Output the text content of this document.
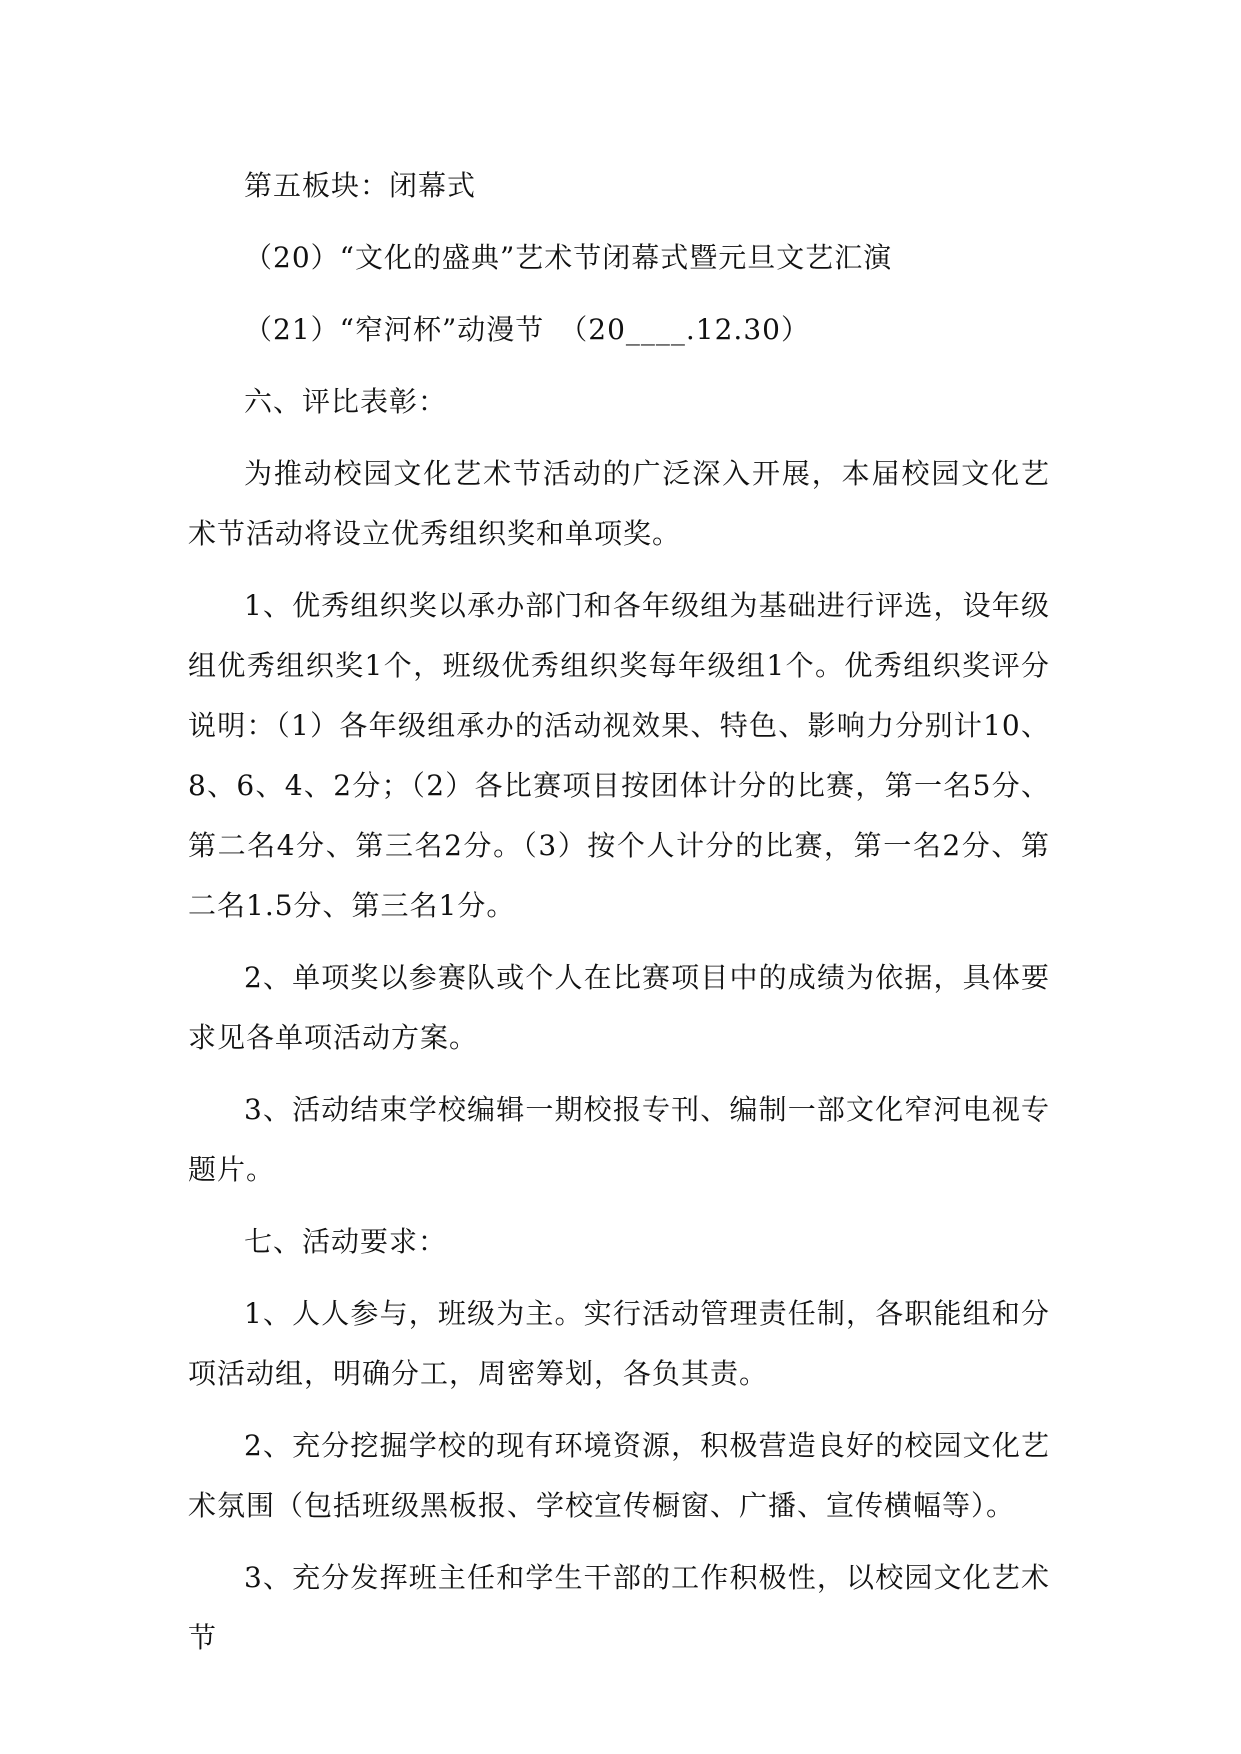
第五板块：闭幕式

（20）“文化的盛典”艺术节闭幕式暨元旦文艺汇演

（21）“窄河杯”动漫节　（20____.12.30）

六、评比表彰：

为推动校园文化艺术节活动的广泛深入开展，本届校园文化艺术节活动将设立优秀组织奖和单项奖。

1、优秀组织奖以承办部门和各年级组为基础进行评选，设年级组优秀组织奖1个，班级优秀组织奖每年级组1个。优秀组织奖评分说明：（1）各年级组承办的活动视效果、特色、影响力分别计10、8、6、4、2分；（2）各比赛项目按团体计分的比赛，第一名5分、第二名4分、第三名2分。（3）按个人计分的比赛，第一名2分、第二名1.5分、第三名1分。

2、单项奖以参赛队或个人在比赛项目中的成绩为依据，具体要求见各单项活动方案。

3、活动结束学校编辑一期校报专刊、编制一部文化窄河电视专题片。

七、活动要求：

1、人人参与，班级为主。实行活动管理责任制，各职能组和分项活动组，明确分工，周密筹划，各负其责。

2、充分挖掘学校的现有环境资源，积极营造良好的校园文化艺术氛围（包括班级黑板报、学校宣传橱窗、广播、宣传横幅等）。

3、充分发挥班主任和学生干部的工作积极性，以校园文化艺术节
